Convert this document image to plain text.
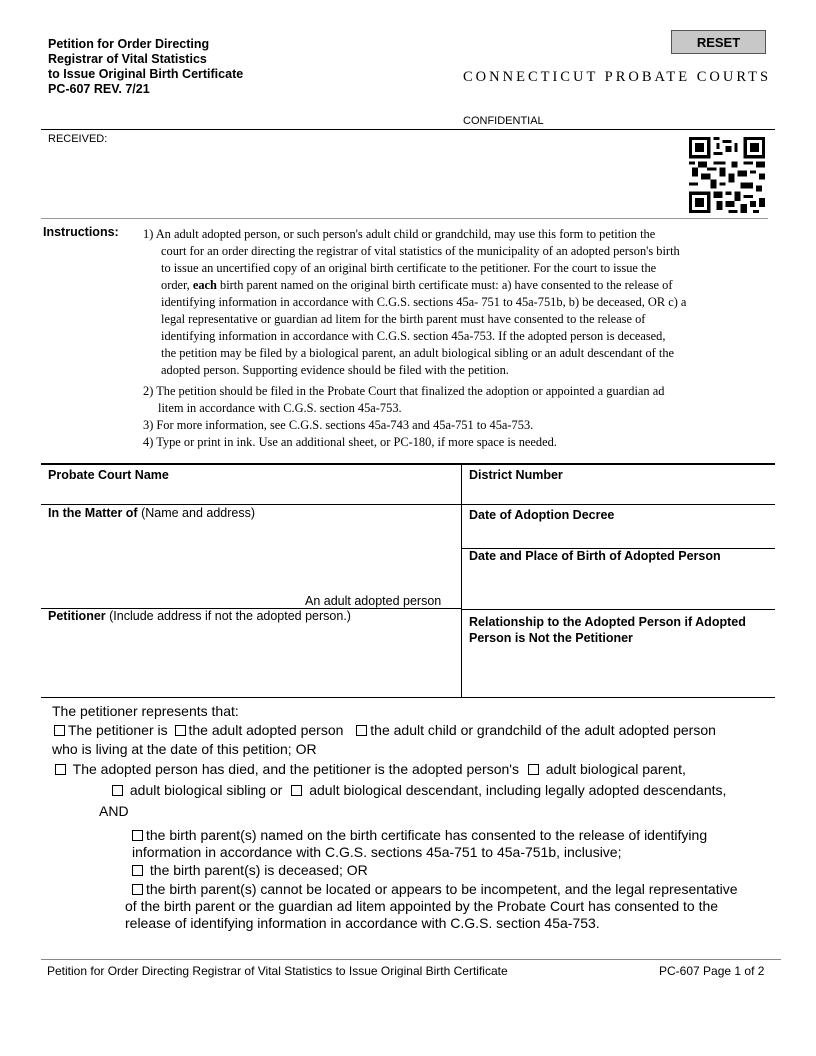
Petition for Order Directing
Registrar of Vital Statistics
to Issue Original Birth Certificate
PC-607 REV. 7/21
RESET
CONNECTICUT PROBATE COURTS
CONFIDENTIAL
RECEIVED:
Instructions: 1) An adult adopted person, or such person's adult child or grandchild, may use this form to petition the
court for an order directing the registrar of vital statistics of the municipality of an adopted person's birth
to issue an uncertified copy of an original birth certificate to the petitioner. For the court to issue the
order, each birth parent named on the original birth certificate must: a) have consented to the release of
identifying information in accordance with C.G.S. sections 45a- 751 to 45a-751b, b) be deceased, OR c) a
legal representative or guardian ad litem for the birth parent must have consented to the release of
identifying information in accordance with C.G.S. section 45a-753. If the adopted person is deceased,
the petition may be filed by a biological parent, an adult biological sibling or an adult descendant of the
adopted person. Supporting evidence should be filed with the petition.
2) The petition should be filed in the Probate Court that finalized the adoption or appointed a guardian ad
litem in accordance with C.G.S. section 45a-753.
3) For more information, see C.G.S. sections 45a-743 and 45a-751 to 45a-753.
4) Type or print in ink. Use an additional sheet, or PC-180, if more space is needed.
Probate Court Name	District Number
In the Matter of (Name and address)
An adult adopted person
Petitioner (Include address if not the adopted person.)
Date of Adoption Decree
Date and Place of Birth of Adopted Person
Relationship to the Adopted Person if Adopted
Person is Not the Petitioner
The petitioner represents that:
The petitioner is the adult adopted person the adult child or grandchild of the adult adopted person
who is living at the date of this petition; OR
The adopted person has died, and the petitioner is the adopted person's adult biological parent,
adult biological sibling or adult biological descendant, including legally adopted descendants,
AND
the birth parent(s) named on the birth certificate has consented to the release of identifying
information in accordance with C.G.S. sections 45a-751 to 45a-751b, inclusive;
the birth parent(s) is deceased; OR
the birth parent(s) cannot be located or appears to be incompetent, and the legal representative
of the birth parent or the guardian ad litem appointed by the Probate Court has consented to the
release of identifying information in accordance with C.G.S. section 45a-753.
Petition for Order Directing Registrar of Vital Statistics to Issue Original Birth Certificate	PC-607 Page 1 of 2
